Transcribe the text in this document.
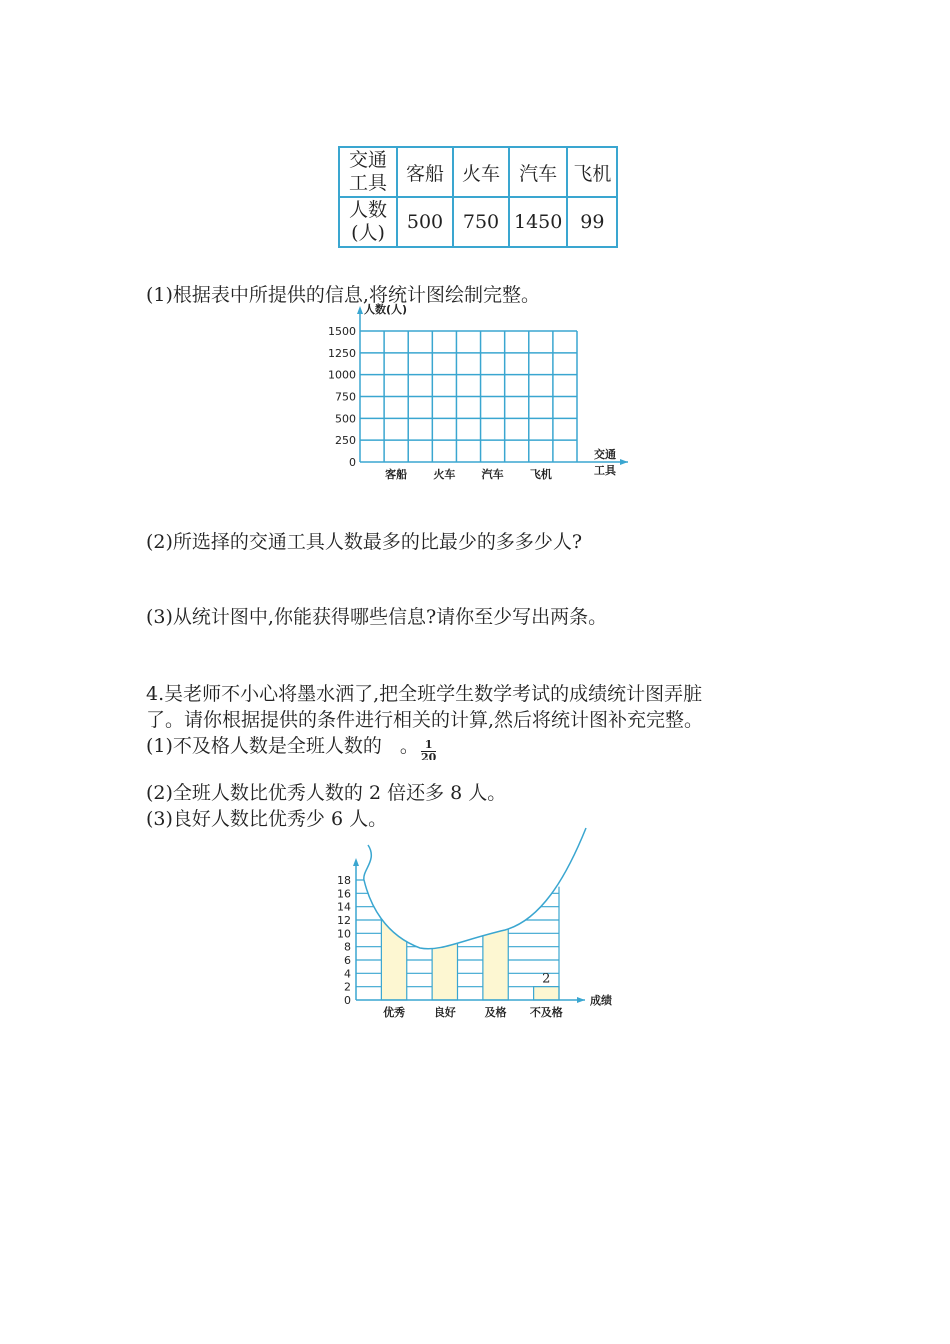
交通
工具	客船	火车	汽车	飞机

人数
(人)	500	750	1450	99
(1)根据表中所提供的信息,将统计图绘制完整。
0
250
500
750
1000
1250
1500
人数(人)
交通
工具
客船 火车 汽车 飞机
0
2
4
6
8
10
12
14
16
18
2
成绩
优秀	良好	及格 不及格
(2)所选择的交通工具人数最多的比最少的多多少人?
(3)从统计图中,你能获得哪些信息?请你至少写出两条。
4.吴老师不小心将墨水洒了,把全班学生数学考试的成绩统计图弄脏
了。请你根据提供的条件进行相关的计算,然后将统计图补充完整。
(1)不及格人数是全班人数的 。 1
20
(2)全班人数比优秀人数的 2 倍还多 8 人。
(3)良好人数比优秀少 6 人。
